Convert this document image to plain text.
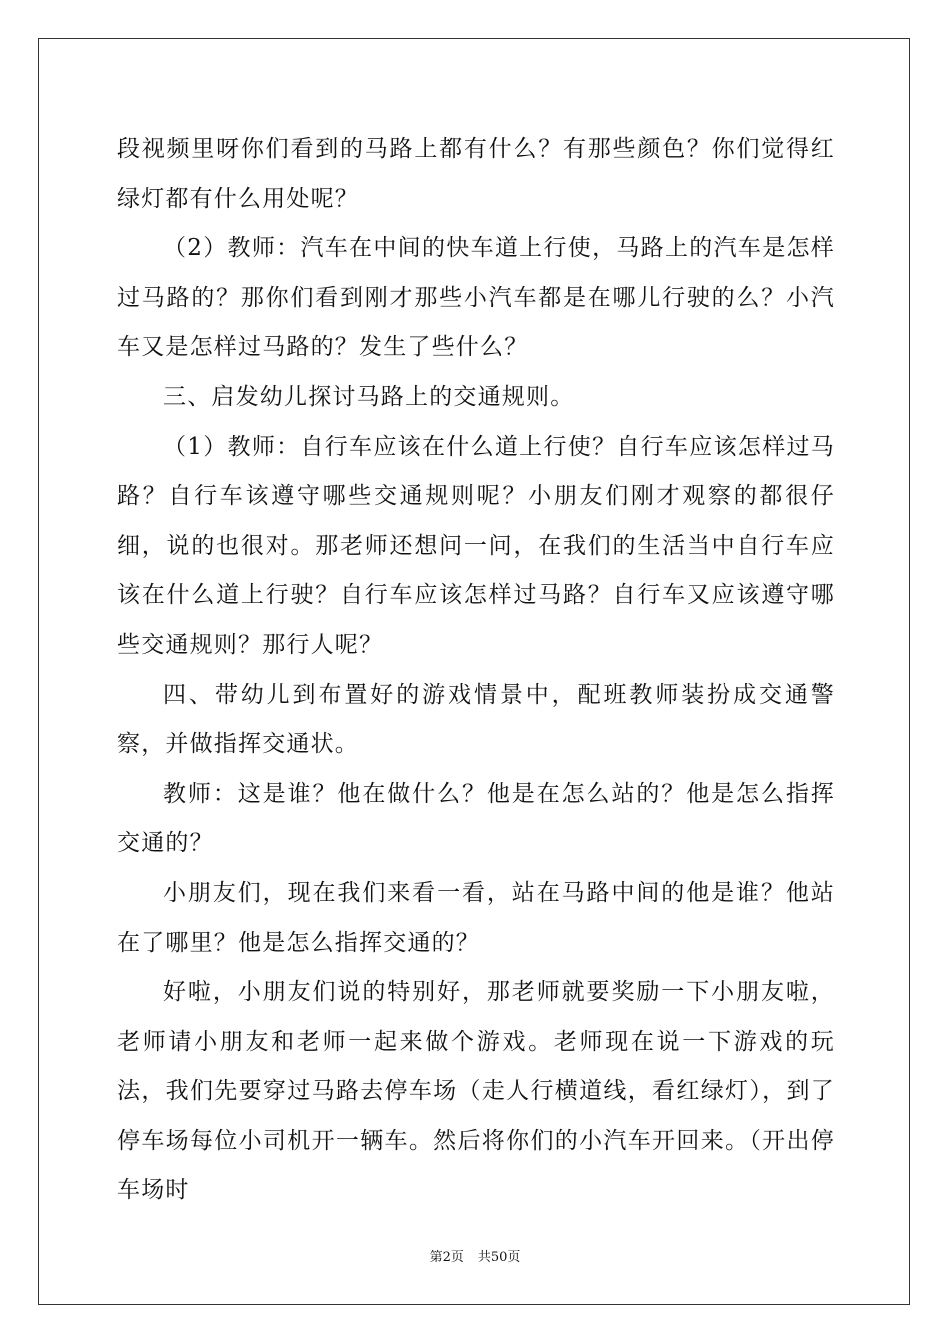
段视频里呀你们看到的马路上都有什么？有那些颜色？你们觉得红绿灯都有什么用处呢？

（2）教师：汽车在中间的快车道上行使，马路上的汽车是怎样过马路的？那你们看到刚才那些小汽车都是在哪儿行驶的么？小汽车又是怎样过马路的？发生了些什么？

三、启发幼儿探讨马路上的交通规则。

（1）教师：自行车应该在什么道上行使？自行车应该怎样过马路？自行车该遵守哪些交通规则呢？小朋友们刚才观察的都很仔细，说的也很对。那老师还想问一问，在我们的生活当中自行车应该在什么道上行驶？自行车应该怎样过马路？自行车又应该遵守哪些交通规则？那行人呢？

四、带幼儿到布置好的游戏情景中，配班教师装扮成交通警察，并做指挥交通状。

教师：这是谁？他在做什么？他是在怎么站的？他是怎么指挥交通的？

小朋友们，现在我们来看一看，站在马路中间的他是谁？他站在了哪里？他是怎么指挥交通的？

好啦，小朋友们说的特别好，那老师就要奖励一下小朋友啦，老师请小朋友和老师一起来做个游戏。老师现在说一下游戏的玩法，我们先要穿过马路去停车场（走人行横道线，看红绿灯），到了停车场每位小司机开一辆车。然后将你们的小汽车开回来。（开出停车场时

第2页 共50页
